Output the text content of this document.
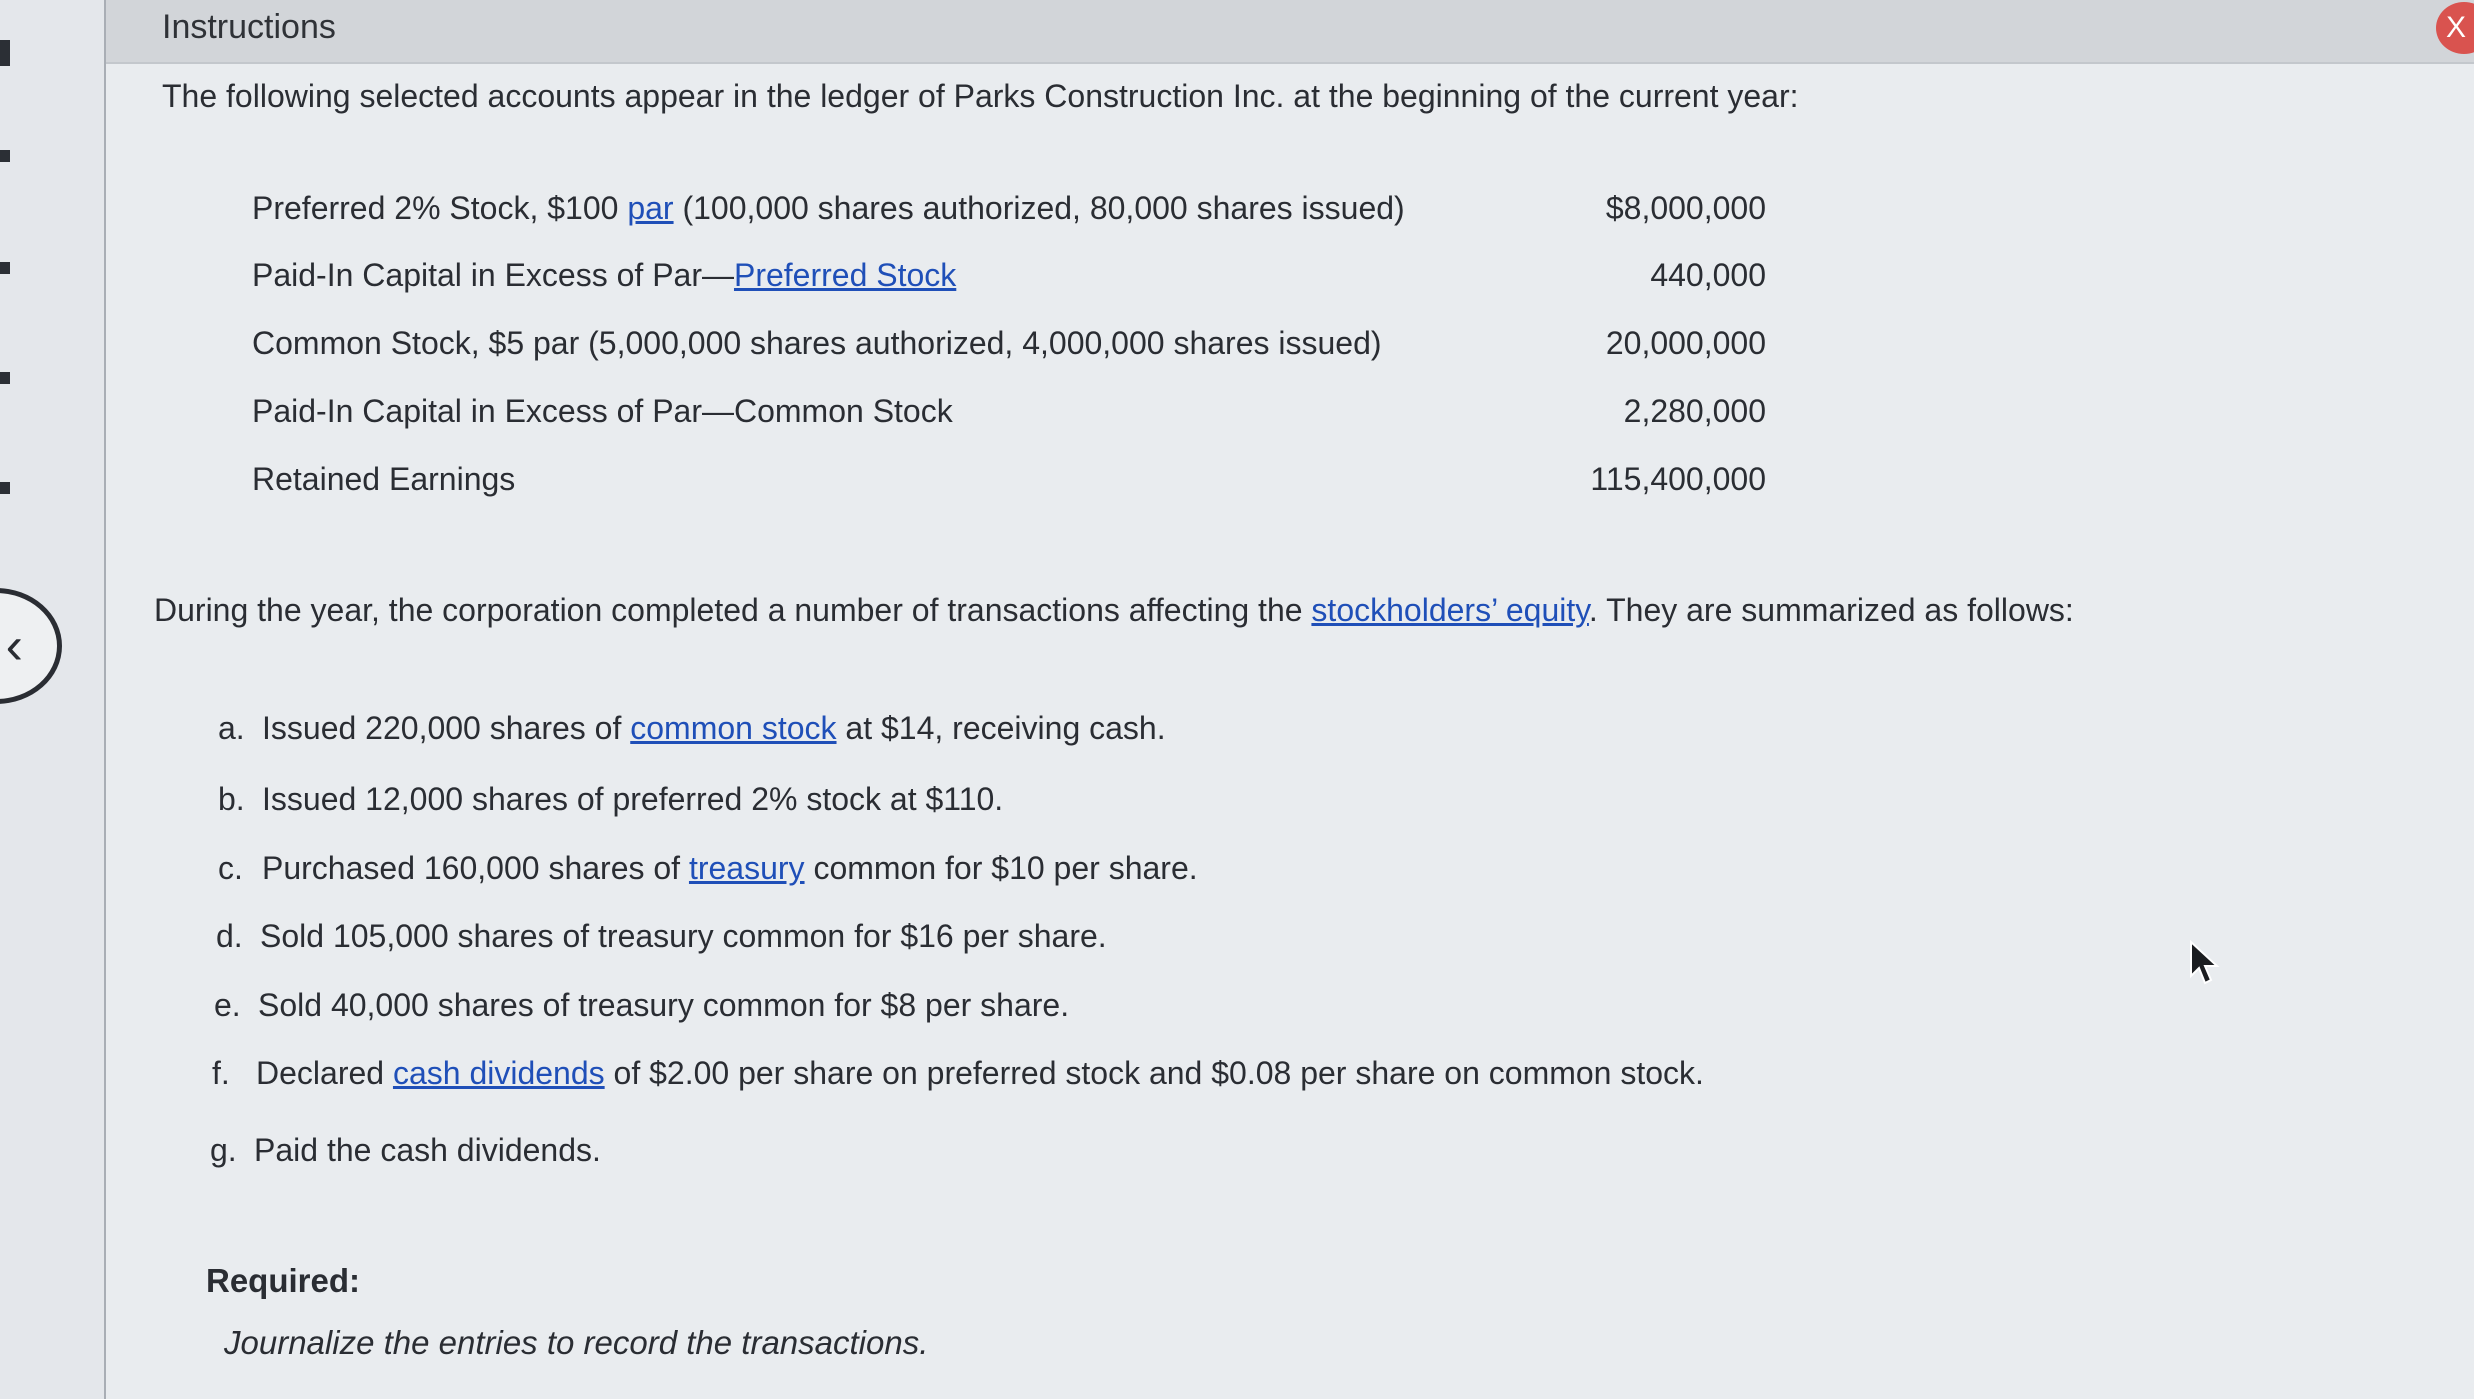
‹
Instructions	X
The following selected accounts appear in the ledger of Parks Construction Inc. at the beginning of the current year:
Preferred 2% Stock, $100 par (100,000 shares authorized, 80,000 shares issued)	$8,000,000
Paid-In Capital in Excess of Par—Preferred Stock	440,000
Common Stock, $5 par (5,000,000 shares authorized, 4,000,000 shares issued)	20,000,000
Paid-In Capital in Excess of Par—Common Stock	2,280,000
Retained Earnings	115,400,000
During the year, the corporation completed a number of transactions affecting the stockholders’ equity. They are summarized as follows:
a. Issued 220,000 shares of common stock at $14, receiving cash.
b. Issued 12,000 shares of preferred 2% stock at $110.
c. Purchased 160,000 shares of treasury common for $10 per share.
d. Sold 105,000 shares of treasury common for $16 per share.
e. Sold 40,000 shares of treasury common for $8 per share.
f. Declared cash dividends of $2.00 per share on preferred stock and $0.08 per share on common stock.
g. Paid the cash dividends.
Required:
Journalize the entries to record the transactions.
